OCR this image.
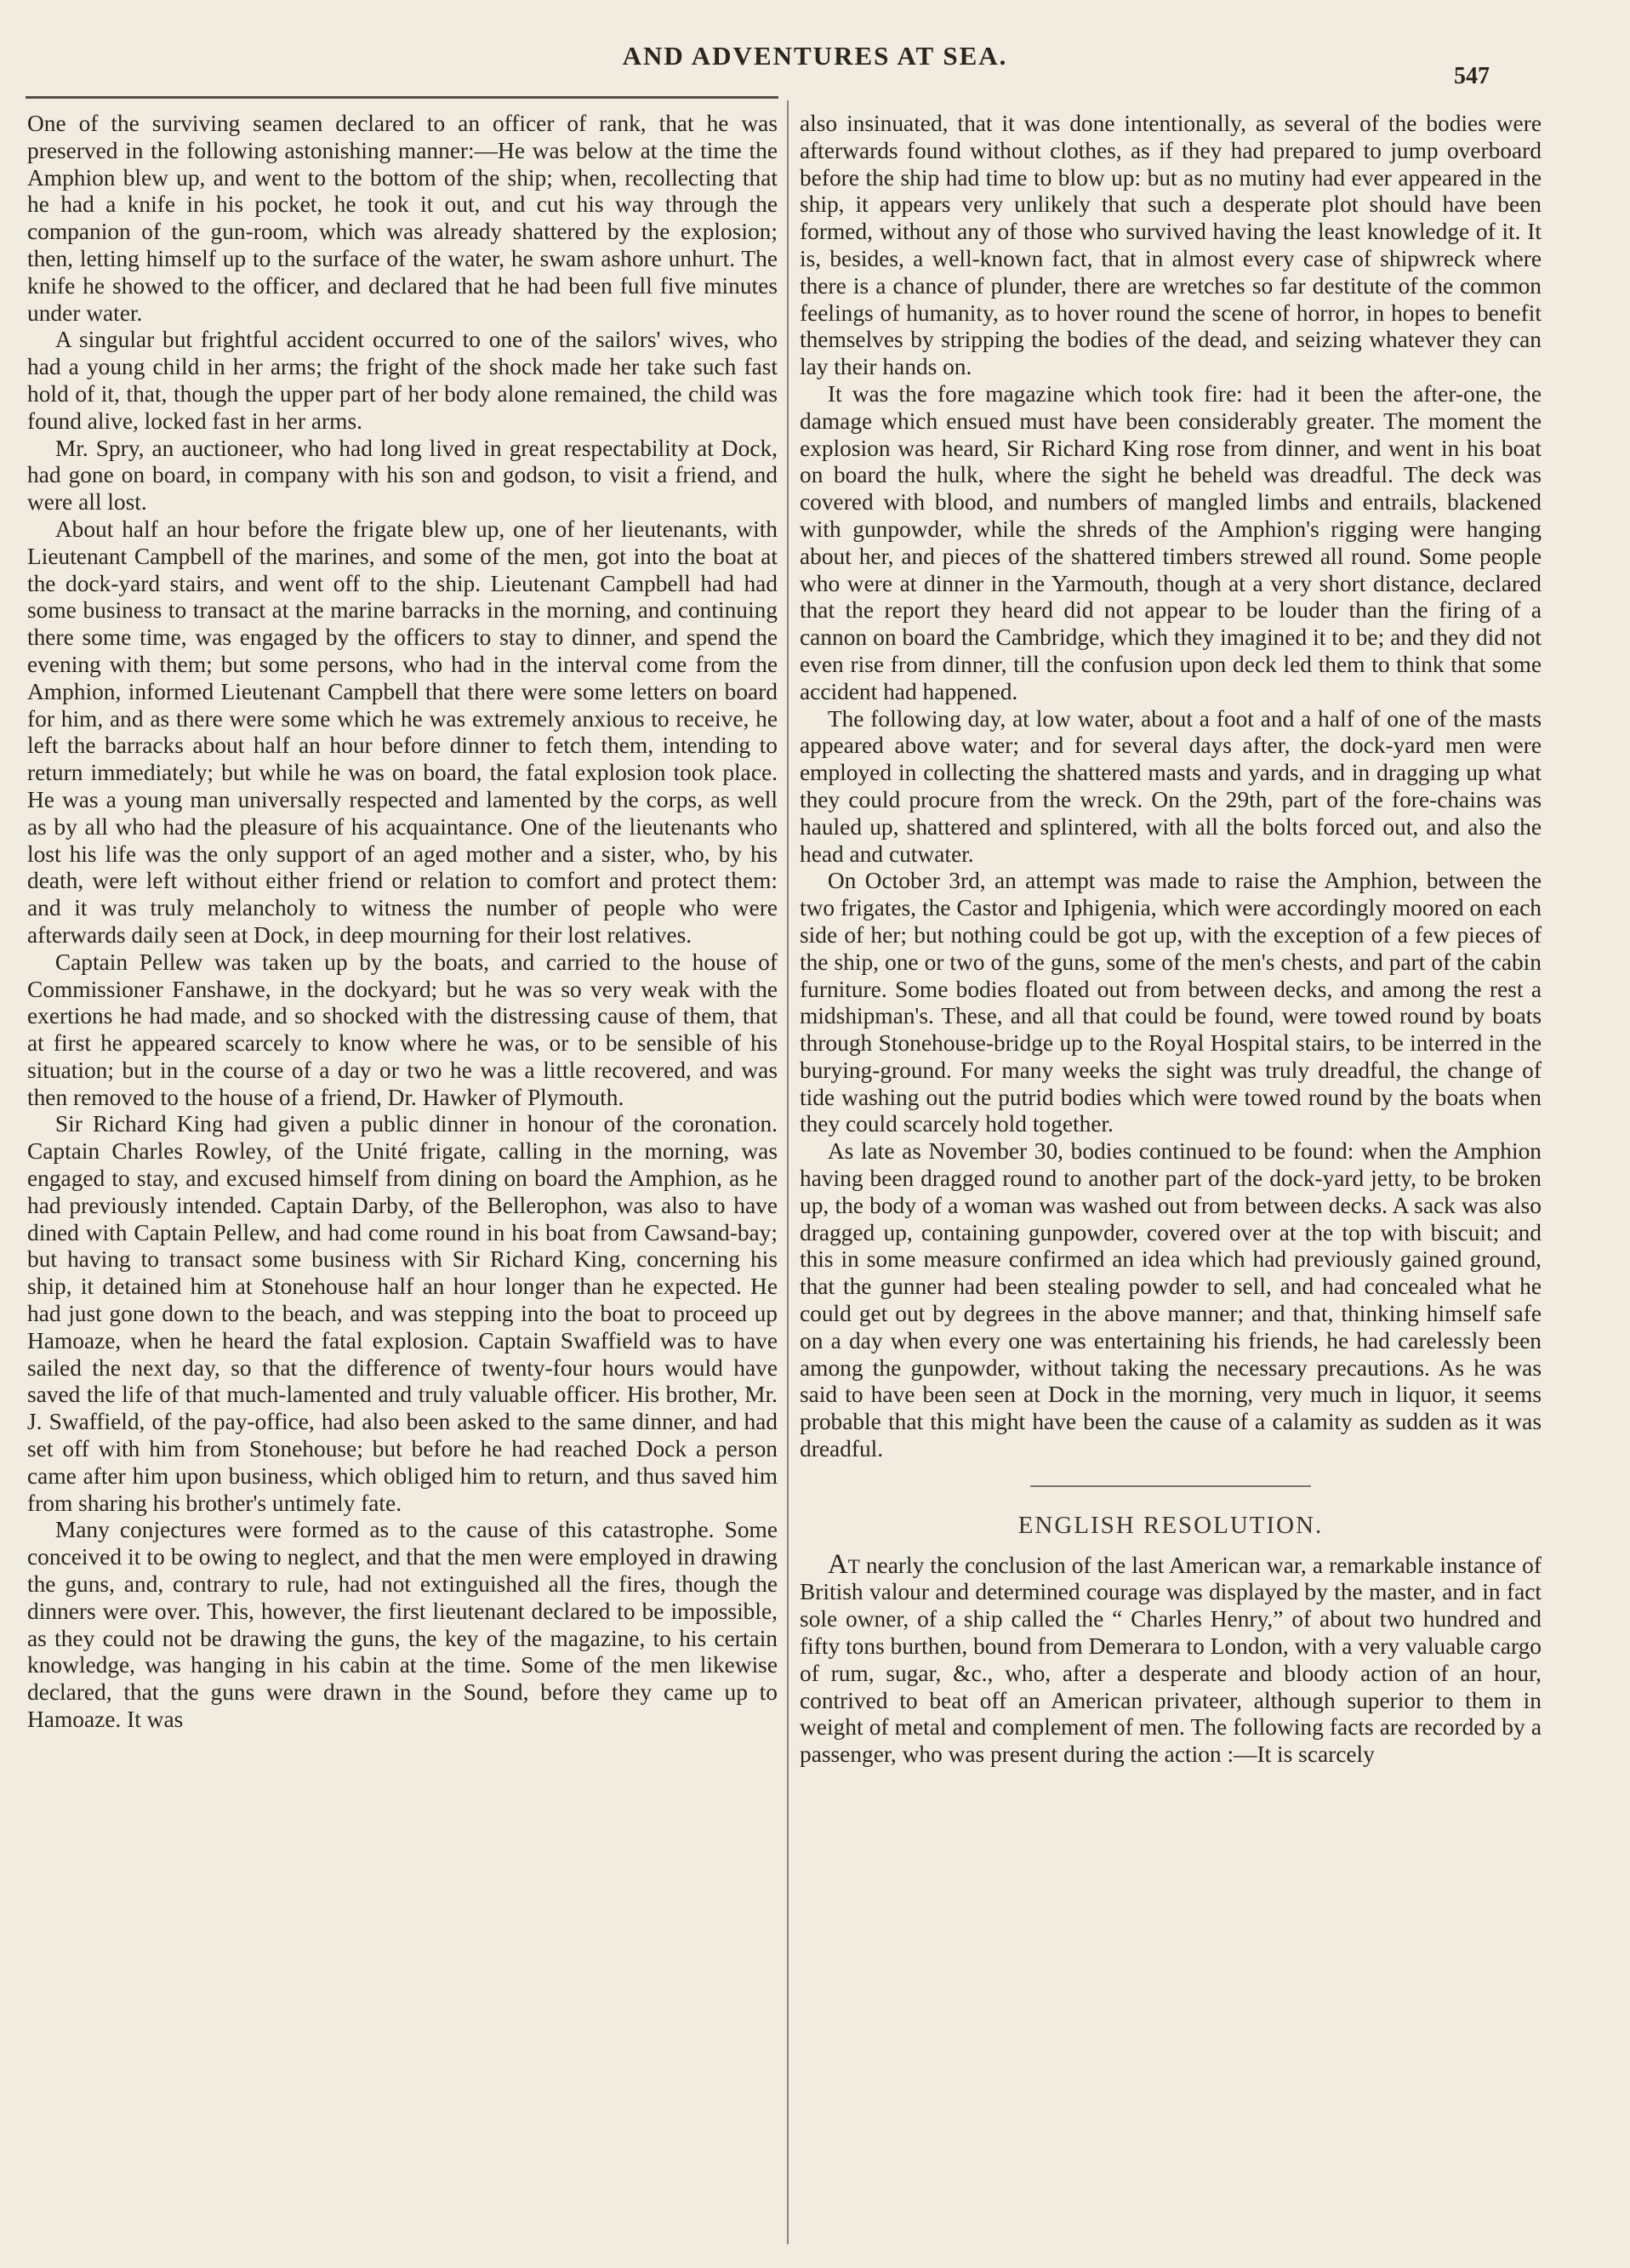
AND ADVENTURES AT SEA.
547

One of the surviving seamen declared to an officer of rank, that he was preserved in the following astonishing manner:—He was below at the time the Amphion blew up, and went to the bottom of the ship; when, recollecting that he had a knife in his pocket, he took it out, and cut his way through the companion of the gun-room, which was already shattered by the explosion; then, letting himself up to the surface of the water, he swam ashore unhurt. The knife he showed to the officer, and declared that he had been full five minutes under water.

A singular but frightful accident occurred to one of the sailors' wives, who had a young child in her arms; the fright of the shock made her take such fast hold of it, that, though the upper part of her body alone remained, the child was found alive, locked fast in her arms.

Mr. Spry, an auctioneer, who had long lived in great respectability at Dock, had gone on board, in company with his son and godson, to visit a friend, and were all lost.

About half an hour before the frigate blew up, one of her lieutenants, with Lieutenant Campbell of the marines, and some of the men, got into the boat at the dock-yard stairs, and went off to the ship. Lieutenant Campbell had had some business to transact at the marine barracks in the morning, and continuing there some time, was engaged by the officers to stay to dinner, and spend the evening with them; but some persons, who had in the interval come from the Amphion, informed Lieutenant Campbell that there were some letters on board for him, and as there were some which he was extremely anxious to receive, he left the barracks about half an hour before dinner to fetch them, intending to return immediately; but while he was on board, the fatal explosion took place. He was a young man universally respected and lamented by the corps, as well as by all who had the pleasure of his acquaintance. One of the lieutenants who lost his life was the only support of an aged mother and a sister, who, by his death, were left without either friend or relation to comfort and protect them: and it was truly melancholy to witness the number of people who were afterwards daily seen at Dock, in deep mourning for their lost relatives.

Captain Pellew was taken up by the boats, and carried to the house of Commissioner Fanshawe, in the dockyard; but he was so very weak with the exertions he had made, and so shocked with the distressing cause of them, that at first he appeared scarcely to know where he was, or to be sensible of his situation; but in the course of a day or two he was a little recovered, and was then removed to the house of a friend, Dr. Hawker of Plymouth.

Sir Richard King had given a public dinner in honour of the coronation. Captain Charles Rowley, of the Unité frigate, calling in the morning, was engaged to stay, and excused himself from dining on board the Amphion, as he had previously intended. Captain Darby, of the Bellerophon, was also to have dined with Captain Pellew, and had come round in his boat from Cawsand-bay; but having to transact some business with Sir Richard King, concerning his ship, it detained him at Stonehouse half an hour longer than he expected. He had just gone down to the beach, and was stepping into the boat to proceed up Hamoaze, when he heard the fatal explosion. Captain Swaffield was to have sailed the next day, so that the difference of twenty-four hours would have saved the life of that much-lamented and truly valuable officer. His brother, Mr. J. Swaffield, of the pay-office, had also been asked to the same dinner, and had set off with him from Stonehouse; but before he had reached Dock a person came after him upon business, which obliged him to return, and thus saved him from sharing his brother's untimely fate.

Many conjectures were formed as to the cause of this catastrophe. Some conceived it to be owing to neglect, and that the men were employed in drawing the guns, and, contrary to rule, had not extinguished all the fires, though the dinners were over. This, however, the first lieutenant declared to be impossible, as they could not be drawing the guns, the key of the magazine, to his certain knowledge, was hanging in his cabin at the time. Some of the men likewise declared, that the guns were drawn in the Sound, before they came up to Hamoaze. It was

also insinuated, that it was done intentionally, as several of the bodies were afterwards found without clothes, as if they had prepared to jump overboard before the ship had time to blow up: but as no mutiny had ever appeared in the ship, it appears very unlikely that such a desperate plot should have been formed, without any of those who survived having the least knowledge of it. It is, besides, a well-known fact, that in almost every case of shipwreck where there is a chance of plunder, there are wretches so far destitute of the common feelings of humanity, as to hover round the scene of horror, in hopes to benefit themselves by stripping the bodies of the dead, and seizing whatever they can lay their hands on.

It was the fore magazine which took fire: had it been the after-one, the damage which ensued must have been considerably greater. The moment the explosion was heard, Sir Richard King rose from dinner, and went in his boat on board the hulk, where the sight he beheld was dreadful. The deck was covered with blood, and numbers of mangled limbs and entrails, blackened with gunpowder, while the shreds of the Amphion's rigging were hanging about her, and pieces of the shattered timbers strewed all round. Some people who were at dinner in the Yarmouth, though at a very short distance, declared that the report they heard did not appear to be louder than the firing of a cannon on board the Cambridge, which they imagined it to be; and they did not even rise from dinner, till the confusion upon deck led them to think that some accident had happened.

The following day, at low water, about a foot and a half of one of the masts appeared above water; and for several days after, the dock-yard men were employed in collecting the shattered masts and yards, and in dragging up what they could procure from the wreck. On the 29th, part of the fore-chains was hauled up, shattered and splintered, with all the bolts forced out, and also the head and cutwater.

On October 3rd, an attempt was made to raise the Amphion, between the two frigates, the Castor and Iphigenia, which were accordingly moored on each side of her; but nothing could be got up, with the exception of a few pieces of the ship, one or two of the guns, some of the men's chests, and part of the cabin furniture. Some bodies floated out from between decks, and among the rest a midshipman's. These, and all that could be found, were towed round by boats through Stonehouse-bridge up to the Royal Hospital stairs, to be interred in the burying-ground. For many weeks the sight was truly dreadful, the change of tide washing out the putrid bodies which were towed round by the boats when they could scarcely hold together.

As late as November 30, bodies continued to be found: when the Amphion having been dragged round to another part of the dock-yard jetty, to be broken up, the body of a woman was washed out from between decks. A sack was also dragged up, containing gunpowder, covered over at the top with biscuit; and this in some measure confirmed an idea which had previously gained ground, that the gunner had been stealing powder to sell, and had concealed what he could get out by degrees in the above manner; and that, thinking himself safe on a day when every one was entertaining his friends, he had carelessly been among the gunpowder, without taking the necessary precautions. As he was said to have been seen at Dock in the morning, very much in liquor, it seems probable that this might have been the cause of a calamity as sudden as it was dreadful.

ENGLISH RESOLUTION.

At nearly the conclusion of the last American war, a remarkable instance of British valour and determined courage was displayed by the master, and in fact sole owner, of a ship called the “ Charles Henry,” of about two hundred and fifty tons burthen, bound from Demerara to London, with a very valuable cargo of rum, sugar, &c., who, after a desperate and bloody action of an hour, contrived to beat off an American privateer, although superior to them in weight of metal and complement of men. The following facts are recorded by a passenger, who was present during the action :—It is scarcely
